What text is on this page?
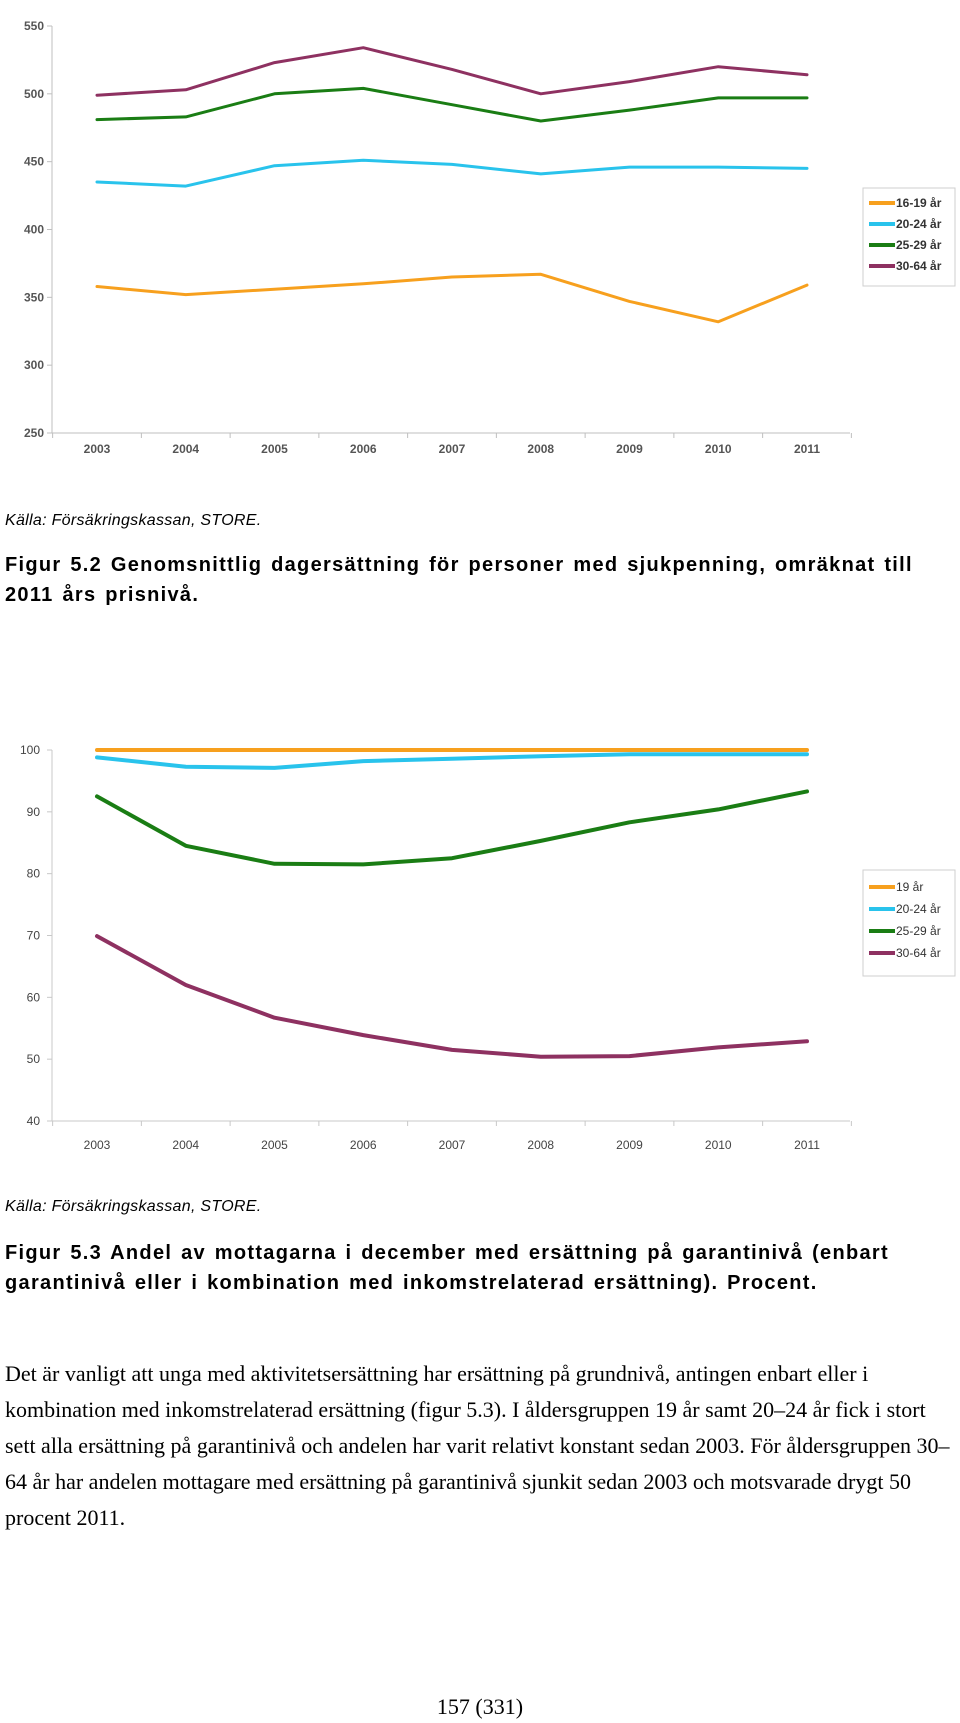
250
300
350
400
450
500
550
2003	2004	2005	2006	2007	2008	2009	2010	2011
16-19 år
20-24 år
25-29 år
30-64 år
Källa: Försäkringskassan, STORE.
Figur 5.2 Genomsnittlig dagersättning för personer med sjukpenning, omräknat till 2011 års prisnivå.
40
50
60
70
80
90
100
2003	2004	2005	2006	2007	2008	2009	2010	2011
19 år
20-24 år
25-29 år
30-64 år
Källa: Försäkringskassan, STORE.
Figur 5.3 Andel av mottagarna i december med ersättning på garantinivå (enbart garantinivå eller i kombination med inkomstrelaterad ersättning). Procent.
Det är vanligt att unga med aktivitetsersättning har ersättning på grundnivå, antingen enbart eller i kombination med inkomstrelaterad ersättning (figur 5.3). I åldersgruppen 19 år samt 20–24 år fick i stort sett alla ersättning på garantinivå och andelen har varit relativt konstant sedan 2003. För åldersgruppen 30–64 år har andelen mottagare med ersättning på garantinivå sjunkit sedan 2003 och motsvarade drygt 50 procent 2011.
157 (331)
